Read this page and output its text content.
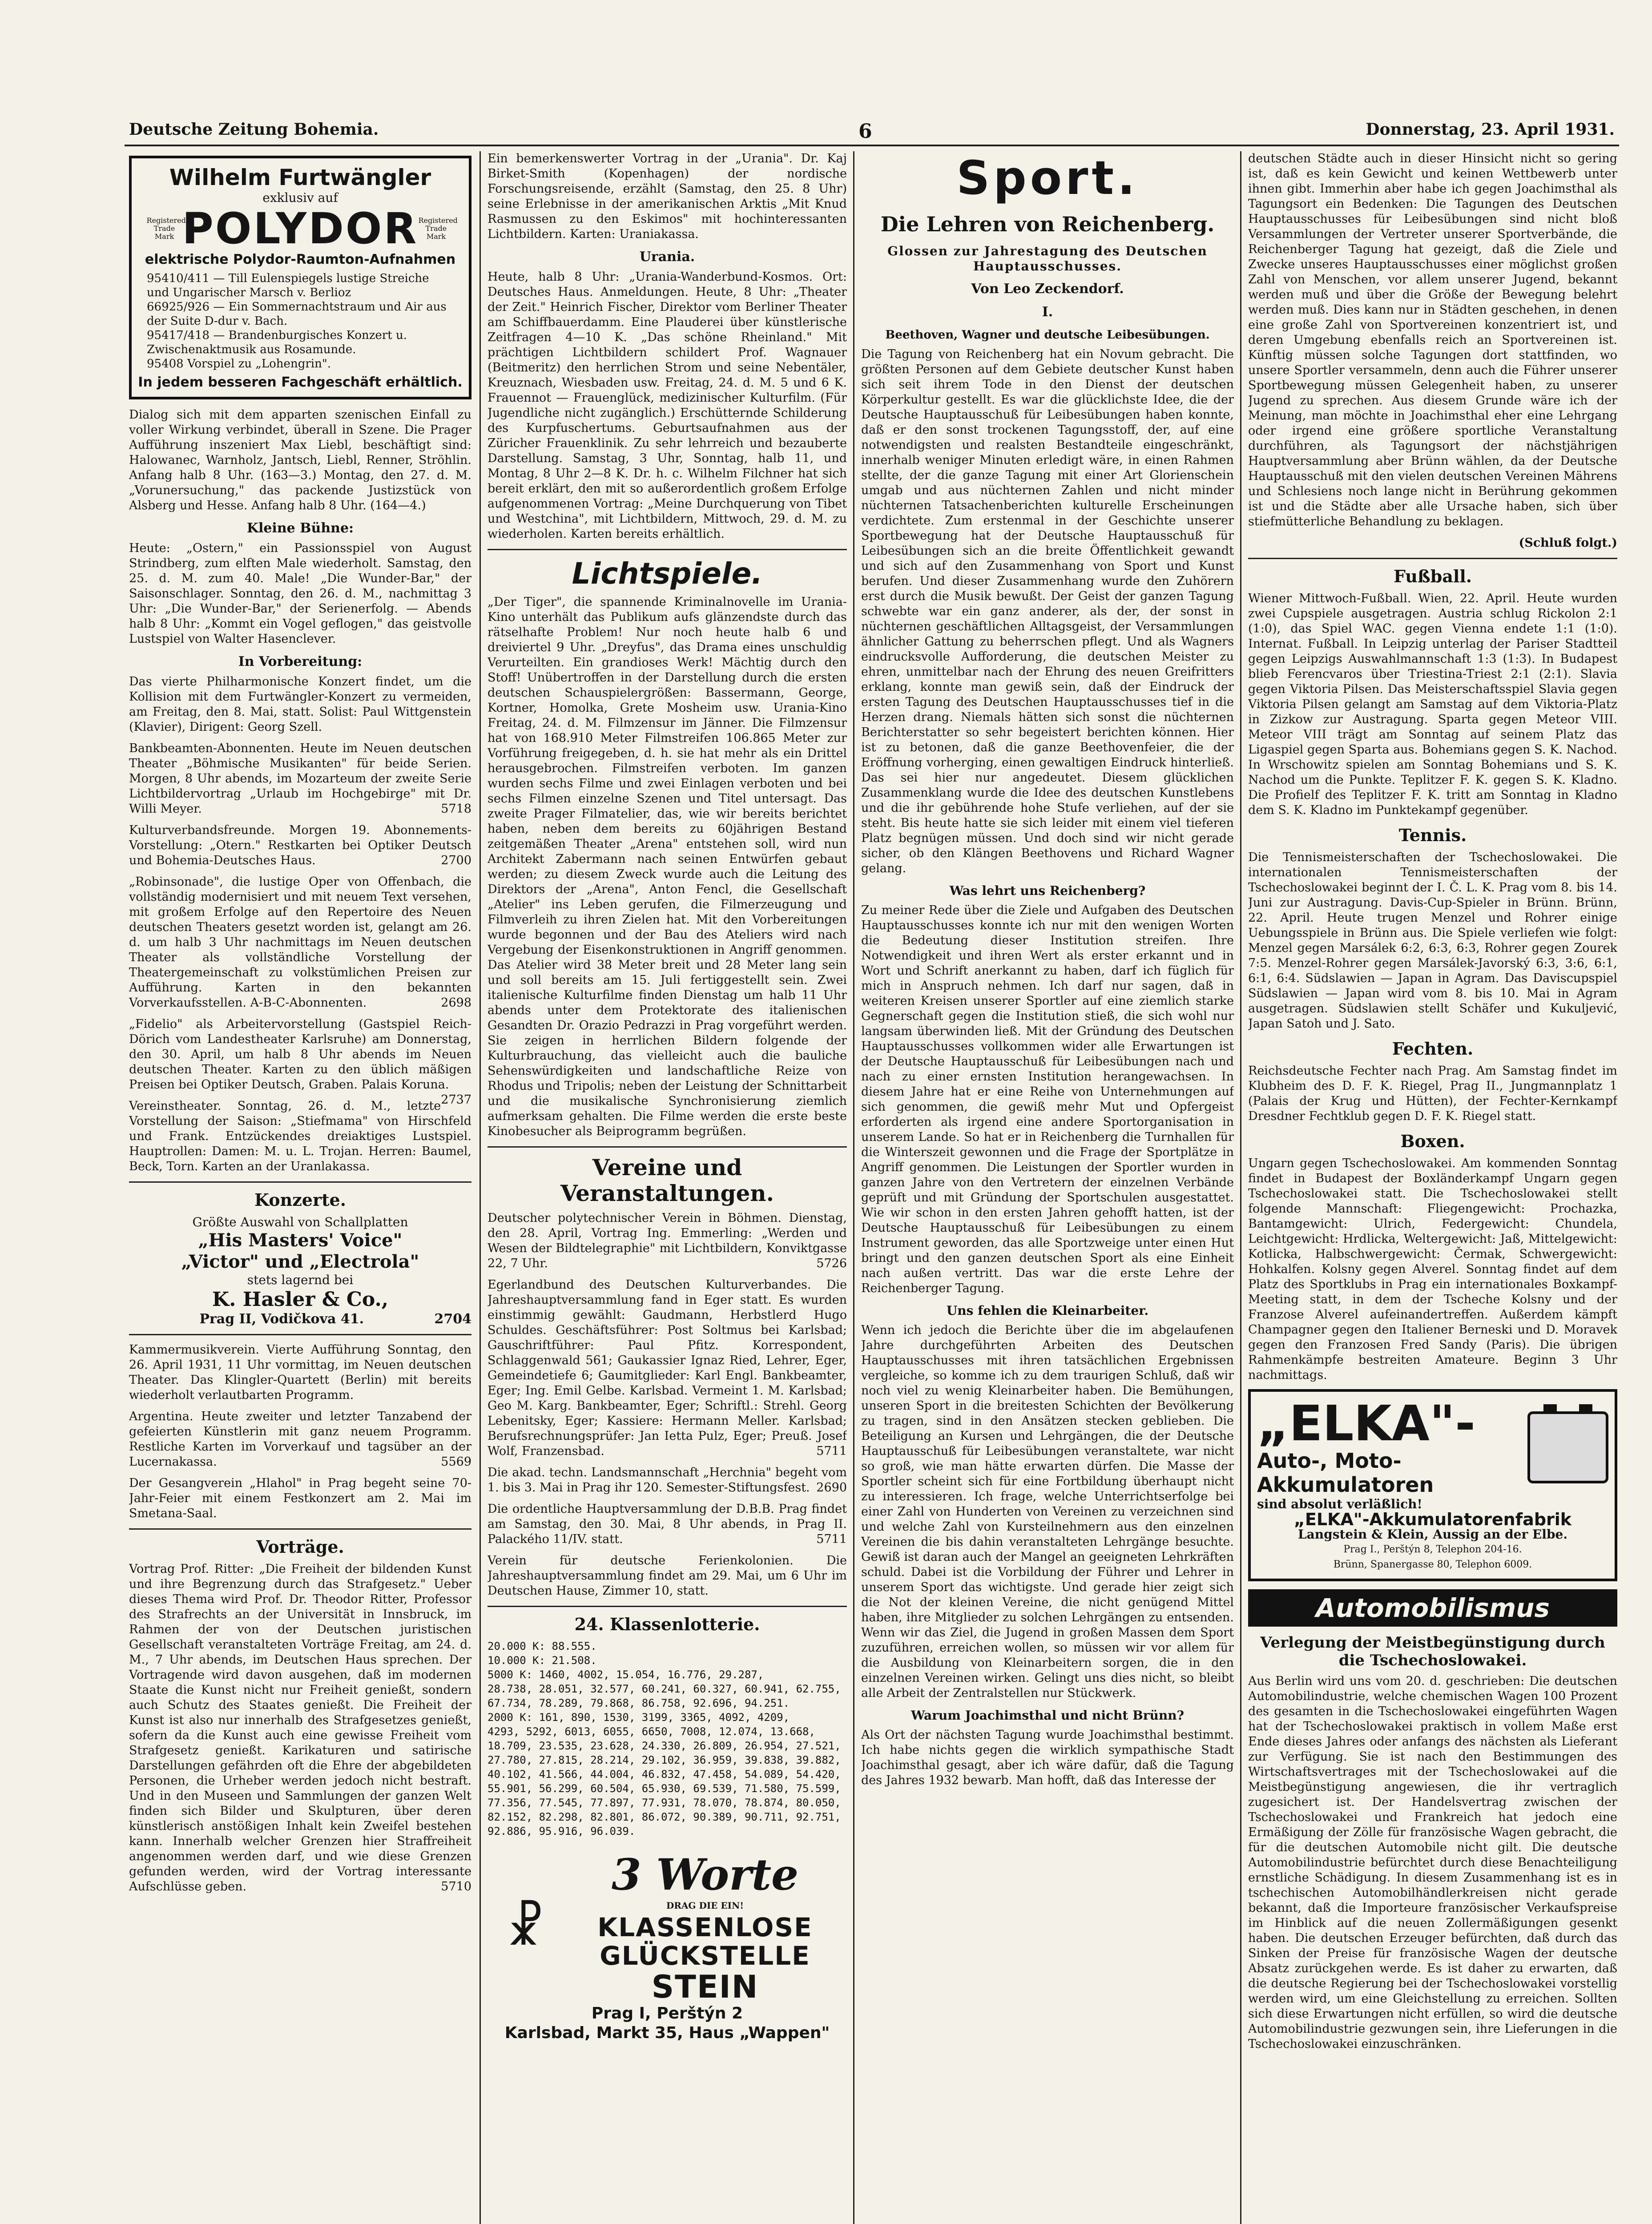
Deutsche Zeitung Bohemia.	6	Donnerstag, 23. April 1931.
Wilhelm Furtwängler
exklusiv auf
Registered Trade Mark POLYDOR Registered Trade Mark
elektrische Polydor-Raumton-Aufnahmen
95410/411 — Till Eulenspiegels lustige Streiche und Ungarischer Marsch v. Berlioz
66925/926 — Ein Sommernachtstraum und Air aus der Suite D-dur v. Bach.
95417/418 — Brandenburgisches Konzert u. Zwischenaktmusik aus Rosamunde.
95408 Vorspiel zu „Lohengrin".
In jedem besseren Fachgeschäft erhältlich.

Dialog sich mit dem apparten szenischen Einfall zu voller Wirkung verbindet, überall in Szene. Die Prager Aufführung inszeniert Max Liebl, beschäftigt sind: Halowanec, Warnholz, Jantsch, Liebl, Renner, Ströhlin. Anfang halb 8 Uhr. (163—3.) Montag, den 27. d. M. „Vorunersuchung," das packende Justizstück von Alsberg und Hesse. Anfang halb 8 Uhr. (164—4.)

Kleine Bühne:

Heute: „Ostern," ein Passionsspiel von August Strindberg, zum elften Male wiederholt. Samstag, den 25. d. M. zum 40. Male! „Die Wunder-Bar," der Saisonschlager. Sonntag, den 26. d. M., nachmittag 3 Uhr: „Die Wunder-Bar," der Serienerfolg. — Abends halb 8 Uhr: „Kommt ein Vogel geflogen," das geistvolle Lustspiel von Walter Hasenclever.

In Vorbereitung:

Das vierte Philharmonische Konzert findet, um die Kollision mit dem Furtwängler-Konzert zu vermeiden, am Freitag, den 8. Mai, statt. Solist: Paul Wittgenstein (Klavier), Dirigent: Georg Szell.

Bankbeamten-Abonnenten. Heute im Neuen deutschen Theater „Böhmische Musikanten" für beide Serien. Morgen, 8 Uhr abends, im Mozarteum der zweite Serie Lichtbildervortrag „Urlaub im Hochgebirge" mit Dr. Willi Meyer.	5718

Kulturverbandsfreunde. Morgen 19. Abonnements-Vorstellung: „Otern." Restkarten bei Optiker Deutsch und Bohemia-Deutsches Haus.	2700

„Robinsonade", die lustige Oper von Offenbach, die vollständig modernisiert und mit neuem Text versehen, mit großem Erfolge auf den Repertoire des Neuen deutschen Theaters gesetzt worden ist, gelangt am 26. d. um halb 3 Uhr nachmittags im Neuen deutschen Theater als vollständliche Vorstellung der Theatergemeinschaft zu volkstümlichen Preisen zur Aufführung. Karten in den bekannten Vorverkaufsstellen. A-B-C-Abonnenten.	2698

„Fidelio" als Arbeitervorstellung (Gastspiel Reich-Dörich vom Landestheater Karlsruhe) am Donnerstag, den 30. April, um halb 8 Uhr abends im Neuen deutschen Theater. Karten zu den üblich mäßigen Preisen bei Optiker Deutsch, Graben. Palais Koruna.
2737

Vereinstheater. Sonntag, 26. d. M., letzte Vorstellung der Saison: „Stiefmama" von Hirschfeld und Frank. Entzückendes dreiaktiges Lustspiel. Hauptrollen: Damen: M. u. L. Trojan. Herren: Baumel, Beck, Torn. Karten an der Uranlakassa.

Konzerte.
Größte Auswahl von Schallplatten
„His Masters' Voice"
„Victor" und „Electrola"
stets lagernd bei
K. Hasler & Co.,
Prag II, Vodičkova 41.	2704

Kammermusikverein. Vierte Aufführung Sonntag, den 26. April 1931, 11 Uhr vormittag, im Neuen deutschen Theater. Das Klingler-Quartett (Berlin) mit bereits wiederholt verlautbarten Programm.

Argentina. Heute zweiter und letzter Tanzabend der gefeierten Künstlerin mit ganz neuem Programm. Restliche Karten im Vorverkauf und tagsüber an der Lucernakassa.	5569

Der Gesangverein „Hlahol" in Prag begeht seine 70-Jahr-Feier mit einem Festkonzert am 2. Mai im Smetana-Saal.

Vorträge.

Vortrag Prof. Ritter: „Die Freiheit der bildenden Kunst und ihre Begrenzung durch das Strafgesetz." Ueber dieses Thema wird Prof. Dr. Theodor Ritter, Professor des Strafrechts an der Universität in Innsbruck, im Rahmen der von der Deutschen juristischen Gesellschaft veranstalteten Vorträge Freitag, am 24. d. M., 7 Uhr abends, im Deutschen Haus sprechen. Der Vortragende wird davon ausgehen, daß im modernen Staate die Kunst nicht nur Freiheit genießt, sondern auch Schutz des Staates genießt. Die Freiheit der Kunst ist also nur innerhalb des Strafgesetzes genießt, sofern da die Kunst auch eine gewisse Freiheit vom Strafgesetz genießt. Karikaturen und satirische Darstellungen gefährden oft die Ehre der abgebildeten Personen, die Urheber werden jedoch nicht bestraft. Und in den Museen und Sammlungen der ganzen Welt finden sich Bilder und Skulpturen, über deren künstlerisch anstößigen Inhalt kein Zweifel bestehen kann. Innerhalb welcher Grenzen hier Straffreiheit angenommen werden darf, und wie diese Grenzen gefunden werden, wird der Vortrag interessante Aufschlüsse geben.	5710

Ein bemerkenswerter Vortrag in der „Urania". Dr. Kaj Birket-Smith (Kopenhagen) der nordische Forschungsreisende, erzählt (Samstag, den 25. 8 Uhr) seine Erlebnisse in der amerikanischen Arktis „Mit Knud Rasmussen zu den Eskimos" mit hochinteressanten Lichtbildern. Karten: Uraniakassa.

Urania.

Heute, halb 8 Uhr: „Urania-Wanderbund-Kosmos. Ort: Deutsches Haus. Anmeldungen. Heute, 8 Uhr: „Theater der Zeit." Heinrich Fischer, Direktor vom Berliner Theater am Schiffbauerdamm. Eine Plauderei über künstlerische Zeitfragen 4—10 K. „Das schöne Rheinland." Mit prächtigen Lichtbildern schildert Prof. Wagnauer (Beitmeritz) den herrlichen Strom und seine Nebentäler, Kreuznach, Wiesbaden usw. Freitag, 24. d. M. 5 und 6 K. Frauennot — Frauenglück, medizinischer Kulturfilm. (Für Jugendliche nicht zugänglich.) Erschütternde Schilderung des Kurpfuschertums. Geburtsaufnahmen aus der Züricher Frauenklinik. Zu sehr lehrreich und bezauberte Darstellung. Samstag, 3 Uhr, Sonntag, halb 11, und Montag, 8 Uhr 2—8 K. Dr. h. c. Wilhelm Filchner hat sich bereit erklärt, den mit so außerordentlich großem Erfolge aufgenommenen Vortrag: „Meine Durchquerung von Tibet und Westchina", mit Lichtbildern, Mittwoch, 29. d. M. zu wiederholen. Karten bereits erhältlich.

Lichtspiele.

„Der Tiger", die spannende Kriminalnovelle im Urania-Kino unterhält das Publikum aufs glänzendste durch das rätselhafte Problem! Nur noch heute halb 6 und dreiviertel 9 Uhr. „Dreyfus", das Drama eines unschuldig Verurteilten. Ein grandioses Werk! Mächtig durch den Stoff! Unübertroffen in der Darstellung durch die ersten deutschen Schauspielergrößen: Bassermann, George, Kortner, Homolka, Grete Mosheim usw. Urania-Kino Freitag, 24. d. M. Filmzensur im Jänner. Die Filmzensur hat von 168.910 Meter Filmstreifen 106.865 Meter zur Vorführung freigegeben, d. h. sie hat mehr als ein Drittel herausgebrochen. Filmstreifen verboten. Im ganzen wurden sechs Filme und zwei Einlagen verboten und bei sechs Filmen einzelne Szenen und Titel untersagt. Das zweite Prager Filmatelier, das, wie wir bereits berichtet haben, neben dem bereits zu 60jährigen Bestand zeitgemäßen Theater „Arena" entstehen soll, wird nun Architekt Zabermann nach seinen Entwürfen gebaut werden; zu diesem Zweck wurde auch die Leitung des Direktors der „Arena", Anton Fencl, die Gesellschaft „Atelier" ins Leben gerufen, die Filmerzeugung und Filmverleih zu ihren Zielen hat. Mit den Vorbereitungen wurde begonnen und der Bau des Ateliers wird nach Vergebung der Eisenkonstruktionen in Angriff genommen. Das Atelier wird 38 Meter breit und 28 Meter lang sein und soll bereits am 15. Juli fertiggestellt sein. Zwei italienische Kulturfilme finden Dienstag um halb 11 Uhr abends unter dem Protektorate des italienischen Gesandten Dr. Orazio Pedrazzi in Prag vorgeführt werden. Sie zeigen in herrlichen Bildern folgende der Kulturbrauchung, das vielleicht auch die bauliche Sehenswürdigkeiten und landschaftliche Reize von Rhodus und Tripolis; neben der Leistung der Schnittarbeit und die musikalische Synchronisierung ziemlich aufmerksam gehalten. Die Filme werden die erste beste Kinobesucher als Beiprogramm begrüßen.

Vereine und Veranstaltungen.

Deutscher polytechnischer Verein in Böhmen. Dienstag, den 28. April, Vortrag Ing. Emmerling: „Werden und Wesen der Bildtelegraphie" mit Lichtbildern, Konviktgasse 22, 7 Uhr.	5726

Egerlandbund des Deutschen Kulturverbandes. Die Jahreshauptversammlung fand in Eger statt. Es wurden einstimmig gewählt: Gaudmann, Herbstlerd Hugo Schuldes. Geschäftsführer: Post Soltmus bei Karlsbad; Gauschriftführer: Paul Pfitz. Korrespondent, Schlaggenwald 561; Gaukassier Ignaz Ried, Lehrer, Eger, Gemeindetiefe 6; Gaumitglieder: Karl Engl. Bankbeamter, Eger; Ing. Emil Gelbe. Karlsbad. Vermeint 1. M. Karlsbad; Geo M. Karg. Bankbeamter, Eger; Schriftl.: Strehl. Georg Lebenitsky, Eger; Kassiere: Hermann Meller. Karlsbad; Berufsrechnungsprüfer: Jan Ietta Pulz, Eger; Preuß. Josef Wolf, Franzensbad.	5711

Die akad. techn. Landsmannschaft „Herchnia" begeht vom 1. bis 3. Mai in Prag ihr 120. Semester-Stiftungsfest. 2690

Die ordentliche Hauptversammlung der D.B.B. Prag findet am Samstag, den 30. Mai, 8 Uhr abends, in Prag II. Palackého 11/IV. statt.	5711

Verein für deutsche Ferienkolonien. Die Jahreshauptversammlung findet am 29. Mai, um 6 Uhr im Deutschen Hause, Zimmer 10, statt.

24. Klassenlotterie.
20.000 K: 88.555.
10.000 K: 21.508.
5000 K: 1460, 4002, 15.054, 16.776, 29.287,
28.738, 28.051, 32.577, 60.241, 60.327, 60.941, 62.755,
67.734, 78.289, 79.868, 86.758, 92.696, 94.251.
2000 K: 161, 890, 1530, 3199, 3365, 4092, 4209,
4293, 5292, 6013, 6055, 6650, 7008, 12.074, 13.668,
18.709, 23.535, 23.628, 24.330, 26.809, 26.954, 27.521,
27.780, 27.815, 28.214, 29.102, 36.959, 39.838, 39.882,
40.102, 41.566, 44.004, 46.832, 47.458, 54.089, 54.420,
55.901, 56.299, 60.504, 65.930, 69.539, 71.580, 75.599,
77.356, 77.545, 77.897, 77.931, 78.070, 78.874, 80.050,
82.152, 82.298, 82.801, 86.072, 90.389, 90.711, 92.751,
92.886, 95.916, 96.039.
☧
3 Worte
DRAG DIE EIN!
KLASSENLOSE
GLÜCKSTELLE
STEIN
Prag I, Perštýn 2
Karlsbad, Markt 35, Haus „Wappen"
Sport.
Die Lehren von Reichenberg.
Glossen zur Jahrestagung des Deutschen Hauptausschusses.
Von Leo Zeckendorf.
I.
Beethoven, Wagner und deutsche Leibesübungen.

Die Tagung von Reichenberg hat ein Novum gebracht. Die größten Personen auf dem Gebiete deutscher Kunst haben sich seit ihrem Tode in den Dienst der deutschen Körperkultur gestellt. Es war die glücklichste Idee, die der Deutsche Hauptausschuß für Leibesübungen haben konnte, daß er den sonst trockenen Tagungsstoff, der, auf eine notwendigsten und realsten Bestandteile eingeschränkt, innerhalb weniger Minuten erledigt wäre, in einen Rahmen stellte, der die ganze Tagung mit einer Art Glorienschein umgab und aus nüchternen Zahlen und nicht minder nüchternen Tatsachenberichten kulturelle Erscheinungen verdichtete. Zum erstenmal in der Geschichte unserer Sportbewegung hat der Deutsche Hauptausschuß für Leibesübungen sich an die breite Öffentlichkeit gewandt und sich auf den Zusammenhang von Sport und Kunst berufen. Und dieser Zusammenhang wurde den Zuhörern erst durch die Musik bewußt. Der Geist der ganzen Tagung schwebte war ein ganz anderer, als der, der sonst in nüchternen geschäftlichen Alltagsgeist, der Versammlungen ähnlicher Gattung zu beherrschen pflegt. Und als Wagners eindrucksvolle Aufforderung, die deutschen Meister zu ehren, unmittelbar nach der Ehrung des neuen Greifritters erklang, konnte man gewiß sein, daß der Eindruck der ersten Tagung des Deutschen Hauptausschusses tief in die Herzen drang. Niemals hätten sich sonst die nüchternen Berichterstatter so sehr begeistert berichten können. Hier ist zu betonen, daß die ganze Beethovenfeier, die der Eröffnung vorherging, einen gewaltigen Eindruck hinterließ. Das sei hier nur angedeutet. Diesem glücklichen Zusammenklang wurde die Idee des deutschen Kunstlebens und die ihr gebührende hohe Stufe verliehen, auf der sie steht. Bis heute hatte sie sich leider mit einem viel tieferen Platz begnügen müssen. Und doch sind wir nicht gerade sicher, ob den Klängen Beethovens und Richard Wagner gelang.

Was lehrt uns Reichenberg?

Zu meiner Rede über die Ziele und Aufgaben des Deutschen Hauptausschusses konnte ich nur mit den wenigen Worten die Bedeutung dieser Institution streifen. Ihre Notwendigkeit und ihren Wert als erster erkannt und in Wort und Schrift anerkannt zu haben, darf ich füglich für mich in Anspruch nehmen. Ich darf nur sagen, daß in weiteren Kreisen unserer Sportler auf eine ziemlich starke Gegnerschaft gegen die Institution stieß, die sich wohl nur langsam überwinden ließ. Mit der Gründung des Deutschen Hauptausschusses vollkommen wider alle Erwartungen ist der Deutsche Hauptausschuß für Leibesübungen nach und nach zu einer ernsten Institution herangewachsen. In diesem Jahre hat er eine Reihe von Unternehmungen auf sich genommen, die gewiß mehr Mut und Opfergeist erforderten als irgend eine andere Sportorganisation in unserem Lande. So hat er in Reichenberg die Turnhallen für die Winterszeit gewonnen und die Frage der Sportplätze in Angriff genommen. Die Leistungen der Sportler wurden in ganzen Jahre von den Vertretern der einzelnen Verbände geprüft und mit Gründung der Sportschulen ausgestattet. Wie wir schon in den ersten Jahren gehofft hatten, ist der Deutsche Hauptausschuß für Leibesübungen zu einem Instrument geworden, das alle Sportzweige unter einen Hut bringt und den ganzen deutschen Sport als eine Einheit nach außen vertritt. Das war die erste Lehre der Reichenberger Tagung.

Uns fehlen die Kleinarbeiter.

Wenn ich jedoch die Berichte über die im abgelaufenen Jahre durchgeführten Arbeiten des Deutschen Hauptausschusses mit ihren tatsächlichen Ergebnissen vergleiche, so komme ich zu dem traurigen Schluß, daß wir noch viel zu wenig Kleinarbeiter haben. Die Bemühungen, unseren Sport in die breitesten Schichten der Bevölkerung zu tragen, sind in den Ansätzen stecken geblieben. Die Beteiligung an Kursen und Lehrgängen, die der Deutsche Hauptausschuß für Leibesübungen veranstaltete, war nicht so groß, wie man hätte erwarten dürfen. Die Masse der Sportler scheint sich für eine Fortbildung überhaupt nicht zu interessieren. Ich frage, welche Unterrichtserfolge bei einer Zahl von Hunderten von Vereinen zu verzeichnen sind und welche Zahl von Kursteilnehmern aus den einzelnen Vereinen die bis dahin veranstalteten Lehrgänge besuchte. Gewiß ist daran auch der Mangel an geeigneten Lehrkräften schuld. Dabei ist die Vorbildung der Führer und Lehrer in unserem Sport das wichtigste. Und gerade hier zeigt sich die Not der kleinen Vereine, die nicht genügend Mittel haben, ihre Mitglieder zu solchen Lehrgängen zu entsenden. Wenn wir das Ziel, die Jugend in großen Massen dem Sport zuzuführen, erreichen wollen, so müssen wir vor allem für die Ausbildung von Kleinarbeitern sorgen, die in den einzelnen Vereinen wirken. Gelingt uns dies nicht, so bleibt alle Arbeit der Zentralstellen nur Stückwerk.

Warum Joachimsthal und nicht Brünn?

Als Ort der nächsten Tagung wurde Joachimsthal bestimmt. Ich habe nichts gegen die wirklich sympathische Stadt Joachimsthal gesagt, aber ich wäre dafür, daß die Tagung des Jahres 1932 bewarb. Man hofft, daß das Interesse der

deutschen Städte auch in dieser Hinsicht nicht so gering ist, daß es kein Gewicht und keinen Wettbewerb unter ihnen gibt. Immerhin aber habe ich gegen Joachimsthal als Tagungsort ein Bedenken: Die Tagungen des Deutschen Hauptausschusses für Leibesübungen sind nicht bloß Versammlungen der Vertreter unserer Sportverbände, die Reichenberger Tagung hat gezeigt, daß die Ziele und Zwecke unseres Hauptausschusses einer möglichst großen Zahl von Menschen, vor allem unserer Jugend, bekannt werden muß und über die Größe der Bewegung belehrt werden muß. Dies kann nur in Städten geschehen, in denen eine große Zahl von Sportvereinen konzentriert ist, und deren Umgebung ebenfalls reich an Sportvereinen ist. Künftig müssen solche Tagungen dort stattfinden, wo unsere Sportler versammeln, denn auch die Führer unserer Sportbewegung müssen Gelegenheit haben, zu unserer Jugend zu sprechen. Aus diesem Grunde wäre ich der Meinung, man möchte in Joachimsthal eher eine Lehrgang oder irgend eine größere sportliche Veranstaltung durchführen, als Tagungsort der nächstjährigen Hauptversammlung aber Brünn wählen, da der Deutsche Hauptausschuß mit den vielen deutschen Vereinen Mährens und Schlesiens noch lange nicht in Berührung gekommen ist und die Städte aber alle Ursache haben, sich über stiefmütterliche Behandlung zu beklagen.

(Schluß folgt.)
Fußball.

Wiener Mittwoch-Fußball. Wien, 22. April. Heute wurden zwei Cupspiele ausgetragen. Austria schlug Rickolon 2:1 (1:0), das Spiel WAC. gegen Vienna endete 1:1 (1:0). Internat. Fußball. In Leipzig unterlag der Pariser Stadtteil gegen Leipzigs Auswahlmannschaft 1:3 (1:3). In Budapest blieb Ferencvaros über Triestina-Triest 2:1 (2:1). Slavia gegen Viktoria Pilsen. Das Meisterschaftsspiel Slavia gegen Viktoria Pilsen gelangt am Samstag auf dem Viktoria-Platz in Zizkow zur Austragung. Sparta gegen Meteor VIII. Meteor VIII trägt am Sonntag auf seinem Platz das Ligaspiel gegen Sparta aus. Bohemians gegen S. K. Nachod. In Wrschowitz spielen am Sonntag Bohemians und S. K. Nachod um die Punkte. Teplitzer F. K. gegen S. K. Kladno. Die Profielf des Teplitzer F. K. tritt am Sonntag in Kladno dem S. K. Kladno im Punktekampf gegenüber.

Tennis.

Die Tennismeisterschaften der Tschechoslowakei. Die internationalen Tennismeisterschaften der Tschechoslowakei beginnt der I. Č. L. K. Prag vom 8. bis 14. Juni zur Austragung. Davis-Cup-Spieler in Brünn. Brünn, 22. April. Heute trugen Menzel und Rohrer einige Uebungsspiele in Brünn aus. Die Spiele verliefen wie folgt: Menzel gegen Marsálek 6:2, 6:3, 6:3, Rohrer gegen Zourek 7:5. Menzel-Rohrer gegen Marsálek-Javorský 6:3, 3:6, 6:1, 6:1, 6:4. Südslawien — Japan in Agram. Das Daviscupspiel Südslawien — Japan wird vom 8. bis 10. Mai in Agram ausgetragen. Südslawien stellt Schäfer und Kukuljević, Japan Satoh und J. Sato.

Fechten.

Reichsdeutsche Fechter nach Prag. Am Samstag findet im Klubheim des D. F. K. Riegel, Prag II., Jungmannplatz 1 (Palais der Krug und Hütten), der Fechter-Kernkampf Dresdner Fechtklub gegen D. F. K. Riegel statt.

Boxen.

Ungarn gegen Tschechoslowakei. Am kommenden Sonntag findet in Budapest der Boxländerkampf Ungarn gegen Tschechoslowakei statt. Die Tschechoslowakei stellt folgende Mannschaft: Fliegengewicht: Prochazka, Bantamgewicht: Ulrich, Federgewicht: Chundela, Leichtgewicht: Hrdlicka, Weltergewicht: Jaß, Mittelgewicht: Kotlicka, Halbschwergewicht: Čermak, Schwergewicht: Hohkalfen. Kolsny gegen Alverel. Sonntag findet auf dem Platz des Sportklubs in Prag ein internationales Boxkampf-Meeting statt, in dem der Tscheche Kolsny und der Franzose Alverel aufeinandertreffen. Außerdem kämpft Champagner gegen den Italiener Berneski und D. Moravek gegen den Franzosen Fred Sandy (Paris). Die übrigen Rahmenkämpfe bestreiten Amateure. Beginn 3 Uhr nachmittags.

„ELKA"-
Auto-, Moto-
Akkumulatoren
sind absolut verläßlich!
„ELKA"-Akkumulatorenfabrik
Langstein & Klein, Aussig an der Elbe.
Prag I., Perštýn 8, Telephon 204-16.
Brünn, Spanergasse 80, Telephon 6009.
Automobilismus
Verlegung der Meistbegünstigung durch die Tschechoslowakei.

Aus Berlin wird uns vom 20. d. geschrieben: Die deutschen Automobilindustrie, welche chemischen Wagen 100 Prozent des gesamten in die Tschechoslowakei eingeführten Wagen hat der Tschechoslowakei praktisch in vollem Maße erst Ende dieses Jahres oder anfangs des nächsten als Lieferant zur Verfügung. Sie ist nach den Bestimmungen des Wirtschaftsvertrages mit der Tschechoslowakei auf die Meistbegünstigung angewiesen, die ihr vertraglich zugesichert ist. Der Handelsvertrag zwischen der Tschechoslowakei und Frankreich hat jedoch eine Ermäßigung der Zölle für französische Wagen gebracht, die für die deutschen Automobile nicht gilt. Die deutsche Automobilindustrie befürchtet durch diese Benachteiligung ernstliche Schädigung. In diesem Zusammenhang ist es in tschechischen Automobilhändlerkreisen nicht gerade bekannt, daß die Importeure französischer Verkaufspreise im Hinblick auf die neuen Zollermäßigungen gesenkt haben. Die deutschen Erzeuger befürchten, daß durch das Sinken der Preise für französische Wagen der deutsche Absatz zurückgehen werde. Es ist daher zu erwarten, daß die deutsche Regierung bei der Tschechoslowakei vorstellig werden wird, um eine Gleichstellung zu erreichen. Sollten sich diese Erwartungen nicht erfüllen, so wird die deutsche Automobilindustrie gezwungen sein, ihre Lieferungen in die Tschechoslowakei einzuschränken.
